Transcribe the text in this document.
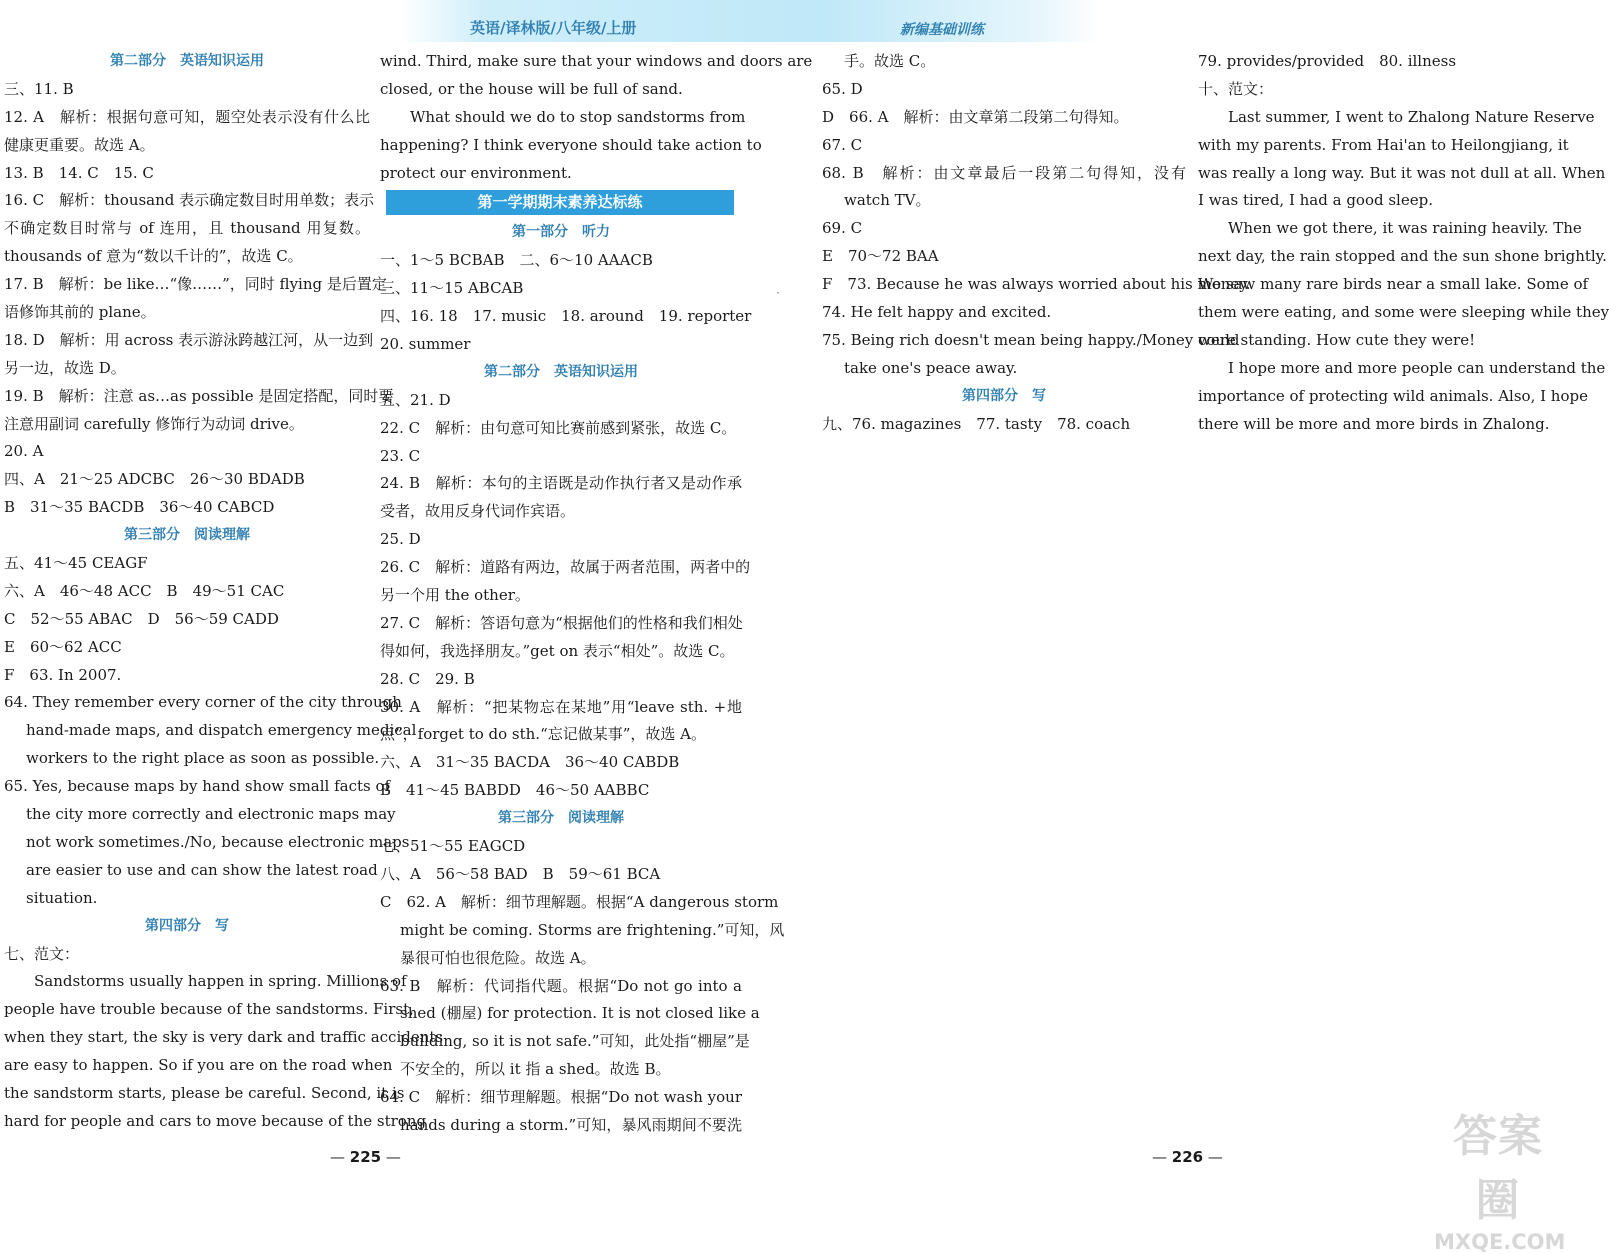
英语/译林版/八年级/上册	新编基础训练
第二部分　英语知识运用
三、11. B
12. A　解析：根据句意可知，题空处表示没有什么比
健康更重要。故选 A。
13. B　14. C　15. C
16. C　解析：thousand 表示确定数目时用单数；表示
不确定数目时常与 of 连用，且 thousand 用复数。
thousands of 意为“数以千计的”，故选 C。
17. B　解析：be like…“像……”，同时 flying 是后置定
语修饰其前的 plane。
18. D　解析：用 across 表示游泳跨越江河，从一边到
另一边，故选 D。
19. B　解析：注意 as…as possible 是固定搭配，同时要
注意用副词 carefully 修饰行为动词 drive。
20. A
四、A　21～25 ADCBC　26～30 BDADB
B　31～35 BACDB　36～40 CABCD
第三部分　阅读理解
五、41～45 CEAGF
六、A　46～48 ACC　B　49～51 CAC
C　52～55 ABAC　D　56～59 CADD
E　60～62 ACC
F　63. In 2007.
64. They remember every corner of the city through
hand-made maps, and dispatch emergency medical
workers to the right place as soon as possible.
65. Yes, because maps by hand show small facts of
the city more correctly and electronic maps may
not work sometimes./No, because electronic maps
are easier to use and can show the latest road
situation.
第四部分　写
七、范文：
Sandstorms usually happen in spring. Millions of
people have trouble because of the sandstorms. First,
when they start, the sky is very dark and traffic accidents
are easy to happen. So if you are on the road when
the sandstorm starts, please be careful. Second, it is
hard for people and cars to move because of the strong
wind. Third, make sure that your windows and doors are
closed, or the house will be full of sand.
What should we do to stop sandstorms from
happening? I think everyone should take action to
protect our environment.
第一学期期末素养达标练
第一部分　听力
一、1～5 BCBAB　二、6～10 AAACB
三、11～15 ABCAB
四、16. 18　17. music　18. around　19. reporter
20. summer
第二部分　英语知识运用
五、21. D
22. C　解析：由句意可知比赛前感到紧张，故选 C。
23. C
24. B　解析：本句的主语既是动作执行者又是动作承
受者，故用反身代词作宾语。
25. D
26. C　解析：道路有两边，故属于两者范围，两者中的
另一个用 the other。
27. C　解析：答语句意为“根据他们的性格和我们相处
得如何，我选择朋友。”get on 表示“相处”。故选 C。
28. C　29. B
30. A　解析：“把某物忘在某地”用“leave sth. +地
点”，forget to do sth.“忘记做某事”，故选 A。
六、A　31～35 BACDA　36～40 CABDB
B　41～45 BABDD　46～50 AABBC
第三部分　阅读理解
七、51～55 EAGCD
八、A　56～58 BAD　B　59～61 BCA
C　62. A　解析：细节理解题。根据“A dangerous storm
might be coming. Storms are frightening.”可知，风
暴很可怕也很危险。故选 A。
63. B　解析：代词指代题。根据“Do not go into a
shed (棚屋) for protection. It is not closed like a
building, so it is not safe.”可知，此处指“棚屋”是
不安全的，所以 it 指 a shed。故选 B。
64. C　解析：细节理解题。根据“Do not wash your
hands during a storm.”可知，暴风雨期间不要洗
手。故选 C。
65. D
D　66. A　解析：由文章第二段第二句得知。
67. C
68. B　解析：由文章最后一段第二句得知，没有
watch TV。
69. C
E　70～72 BAA
F　73. Because he was always worried about his money.
74. He felt happy and excited.
75. Being rich doesn't mean being happy./Money could
take one's peace away.
第四部分　写
九、76. magazines　77. tasty　78. coach
79. provides/provided　80. illness
十、范文：
Last summer, I went to Zhalong Nature Reserve
with my parents. From Hai'an to Heilongjiang, it
was really a long way. But it was not dull at all. When
I was tired, I had a good sleep.
When we got there, it was raining heavily. The
next day, the rain stopped and the sun shone brightly.
We saw many rare birds near a small lake. Some of
them were eating, and some were sleeping while they
were standing. How cute they were!
I hope more and more people can understand the
importance of protecting wild animals. Also, I hope
there will be more and more birds in Zhalong.
·
— 225 —	— 226 —	答案圈
MXQE.COM
